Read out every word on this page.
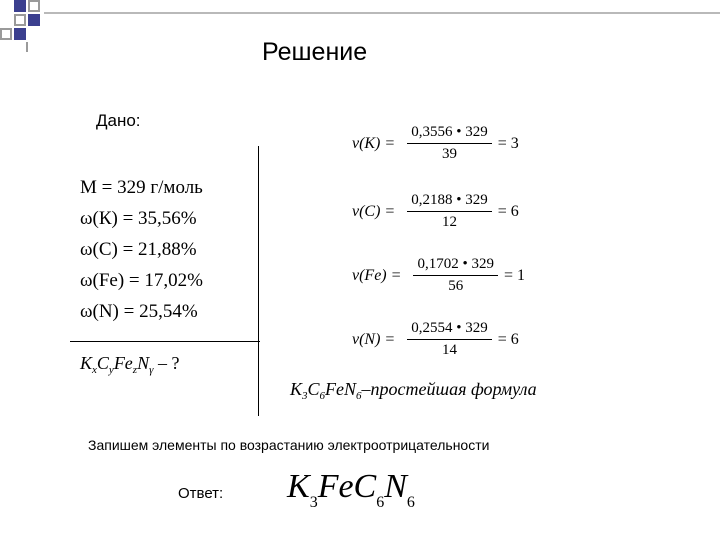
Решение
Дано:
M = 329 г/моль
ω(К) = 35,56%
ω(С) = 21,88%
ω(Fe) = 17,02%
ω(N) = 25,54%
$K_xC_yFe_zN_\gamma$ – ?
$\nu(К) = \frac{0,3556 • 329}{39} = 3$
$\nu(С) = \frac{0,2188 • 329}{12} = 6$
$\nu(Fe) = \frac{0,1702 • 329}{56} = 1$
$\nu(N) = \frac{0,2554 • 329}{14} = 6$
$K_3C_6FeN_6$–простейшая формула
Запишем элементы по возрастанию электроотрицательности
Ответ: $K_3FeC_6N_6$
